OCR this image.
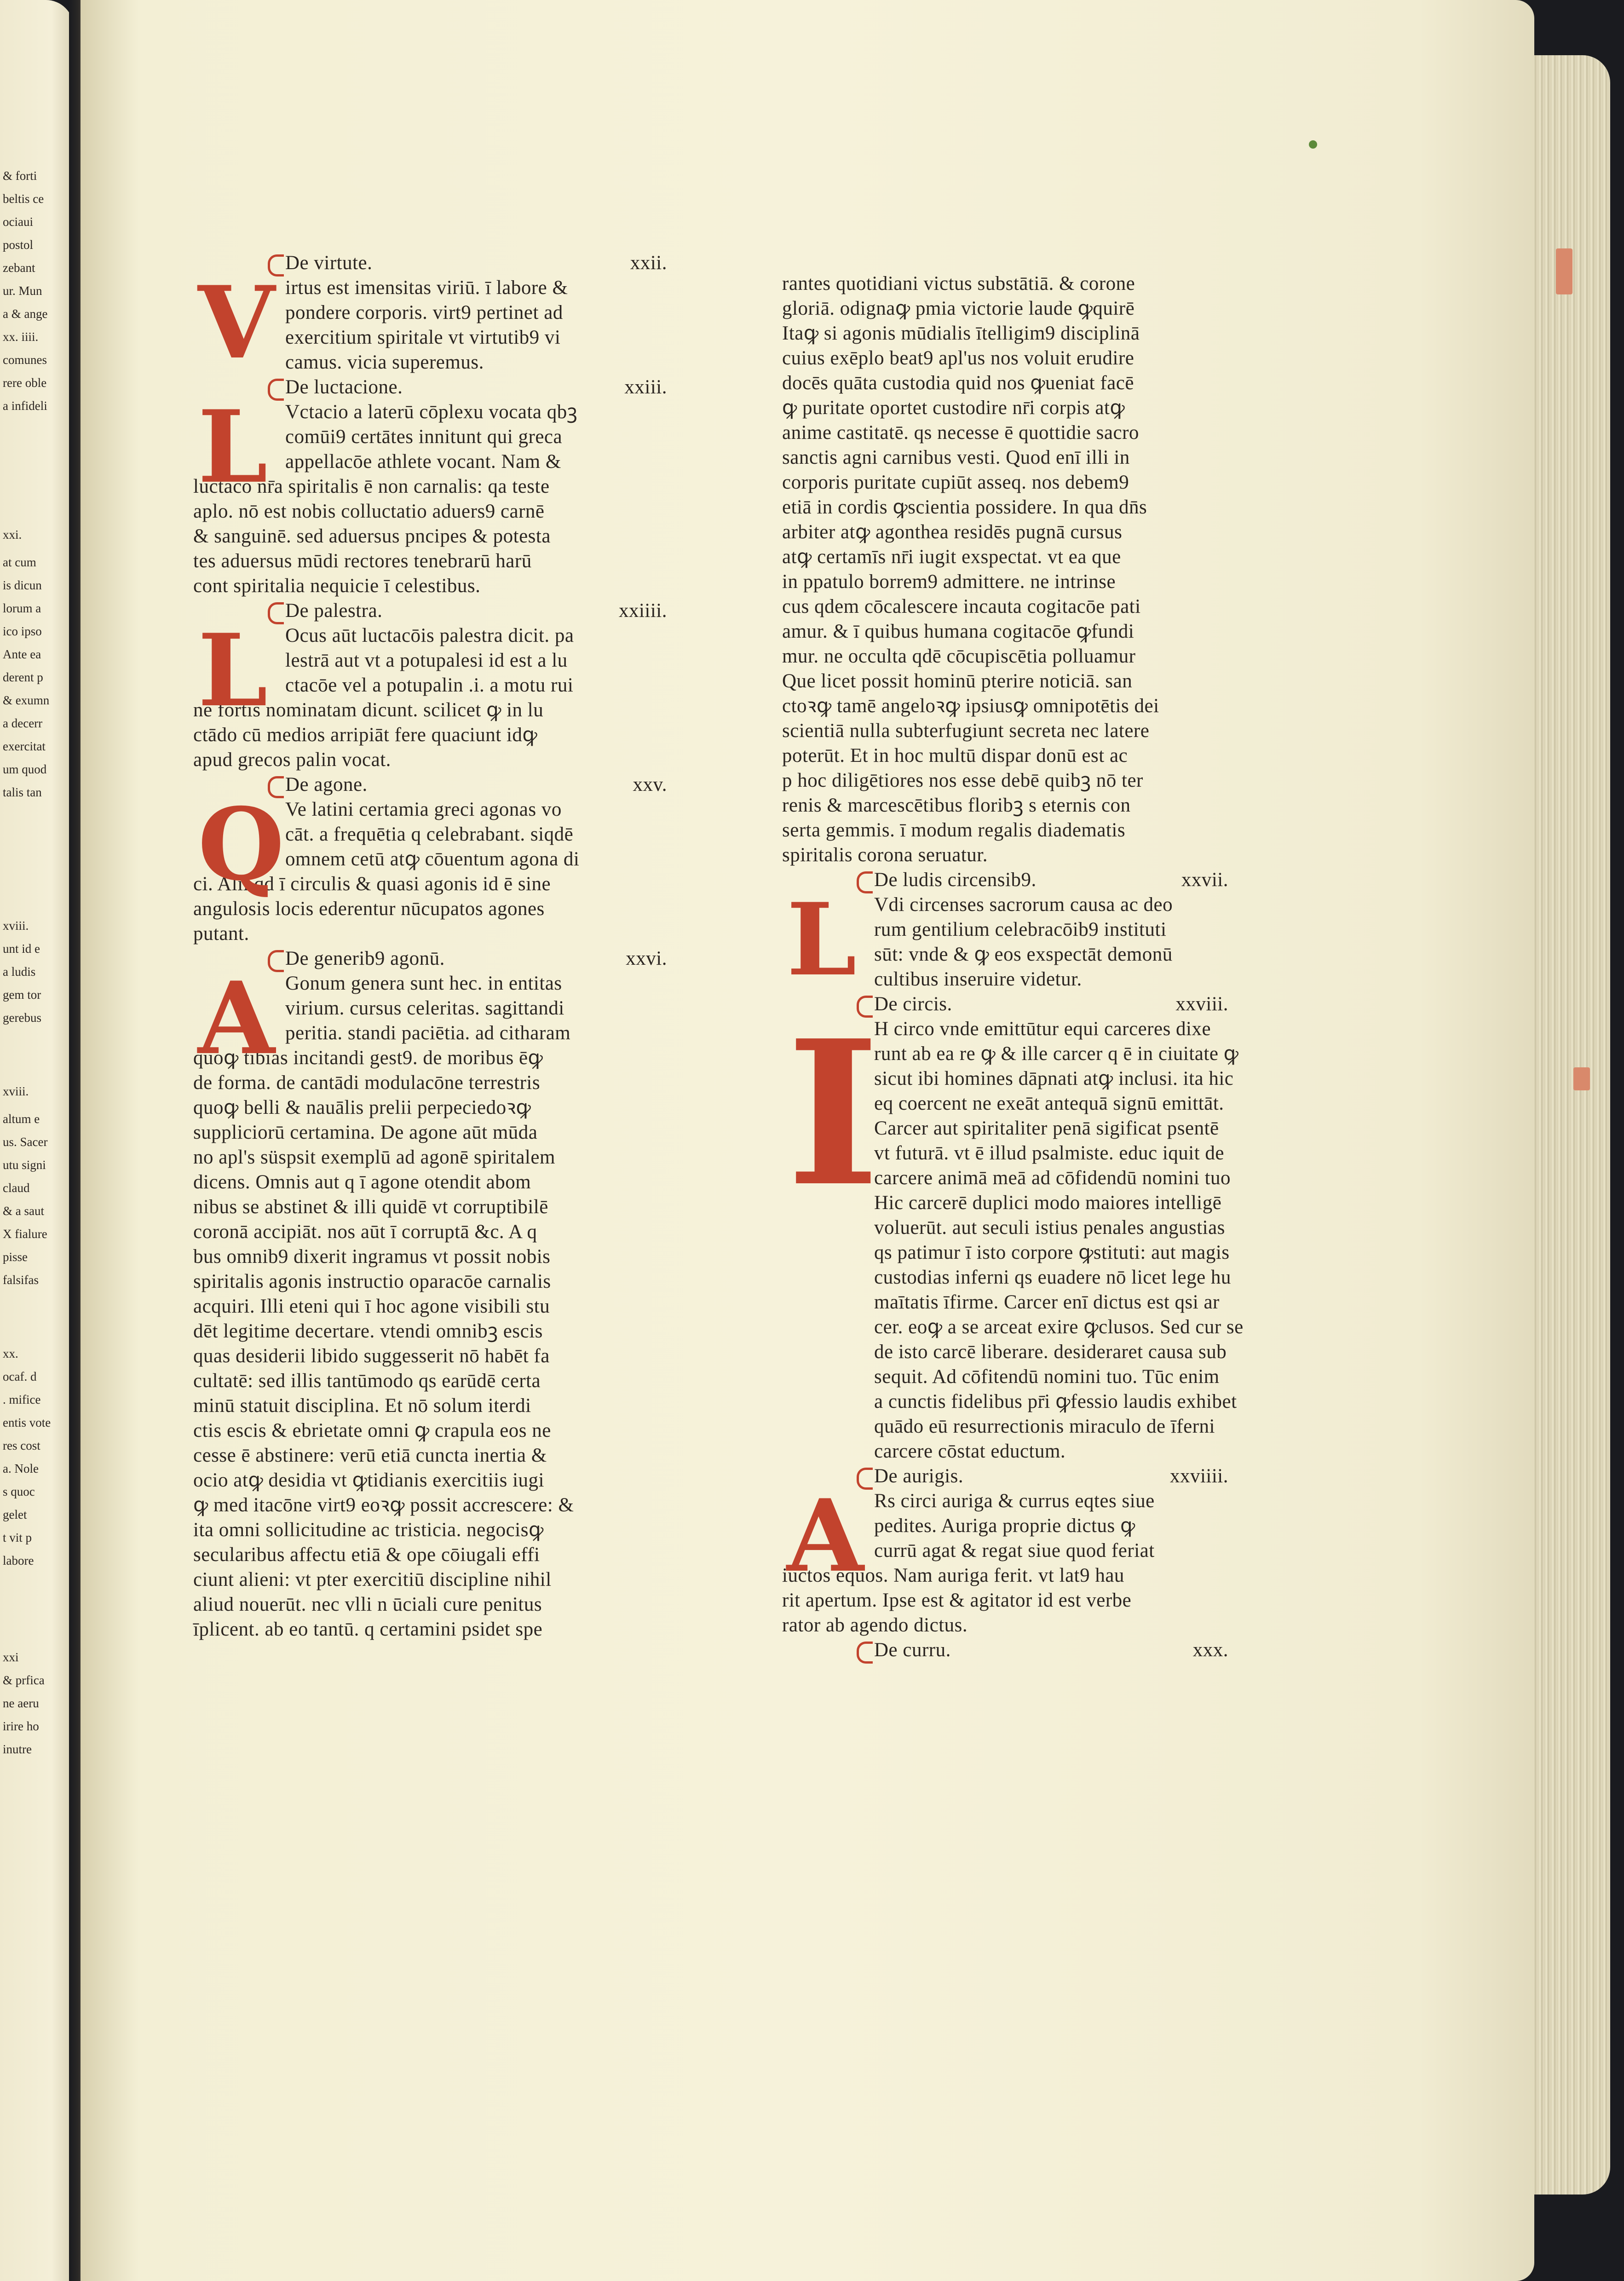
& forti
beltis ce
ociaui
postol
zebant
ur. Mun
a & ange
xx. iiii.
comunes
rere oble
a infideli
xxi.
at cum
is dicun
lorum a
ico ipso
Ante ea
derent p
& exumn
a decerr
exercitat
um quod
talis tan
xviii.
unt id e
a ludis
gem tor
gerebus
xviii.
altum e
us. Sacer
utu signi
claud
& a saut
X fialure
pisse
falsifas
xx.
ocaf. d
. mifice
entis vote
res cost
a. Nole
s quoc
gelet
t vit p
labore
xxi
& prfica
ne aeru
irire ho
inutre
De virtute.	xxii.
irtus est imensitas viriū. ī labore &
pondere corporis. virt9 pertinet ad
exercitium spiritale vt virtutib9 vi
camus. vicia superemus.
De luctacione.	xxiii.
Vctacio a laterū cōplexu vocata qbꝫ
comūi9 certātes innitunt qui greca
appellacōe athlete vocant. Nam &
luctacō nr̄a spiritalis ē non carnalis: qa teste
aplo. nō est nobis colluctatio aduers9 carnē
& sanguinē. sed aduersus pncipes & potesta
tes aduersus mūdi rectores tenebrarū harū
cont spiritalia nequicie ī celestibus.
De palestra.	xxiiii.
Ocus aūt luctacōis palestra dicit. pa
lestrā aut vt a potupalesi id est a lu
ctacōe vel a potupalin .i. a motu rui
ne fortis nominatam dicunt. scilicet ꝙ in lu
ctādo cū medios arripiāt fere quaciunt idꝙ
apud grecos palin vocat.
De agone.	xxv.
Ve latini certamia greci agonas vo
cāt. a frequētia q celebrabant. siqdē
omnem cetū atꝙ cōuentum agona di
ci. Alii qd ī circulis & quasi agonis id ē sine
angulosis locis ederentur nūcupatos agones
putant.
De generib9 agonū.	xxvi.
Gonum genera sunt hec. in entitas
virium. cursus celeritas. sagittandi
peritia. standi paciētia. ad citharam
quoꝙ tibias incitandi gest9. de moribus ēꝙ
de forma. de cantādi modulacōne terrestris
quoꝙ belli & nauālis prelii perpeciedoꝛꝙ
suppliciorū certamina. De agone aūt mūda
no apl's süspsit exemplū ad agonē spiritalem
dicens. Omnis aut q ī agone otendit abom
nibus se abstinet & illi quidē vt corruptibilē
coronā accipiāt. nos aūt ī corruptā &c. A q
bus omnib9 dixerit ingramus vt possit nobis
spiritalis agonis instructio oparacōe carnalis
acquiri. Illi eteni qui ī hoc agone visibili stu
dēt legitime decertare. vtendi omnibꝫ escis
quas desiderii libido suggesserit nō habēt fa
cultatē: sed illis tantūmodo qs earūdē certa
minū statuit disciplina. Et nō solum iterdi
ctis escis & ebrietate omni ꝙ crapula eos ne
cesse ē abstinere: verū etiā cuncta inertia &
ocio atꝙ desidia vt ꝙtidianis exercitiis iugi
ꝙ med itacōne virt9 eoꝛꝙ possit accrescere: &
ita omni sollicitudine ac tristicia. negocisꝙ
secularibus affectu etiā & ope cōiugali effi
ciunt alieni: vt pter exercitiū discipline nihil
aliud nouerūt. nec vlli n ūciali cure penitus
īplicent. ab eo tantū. q certamini psidet spe
V
L
L
Q
A
rantes quotidiani victus substātiā. & corone
gloriā. odignaꝙ pmia victorie laude ꝙquirē
Itaꝙ si agonis mūdialis ītelligim9 disciplinā
cuius exēplo beat9 apl'us nos voluit erudire
docēs quāta custodia quid nos ꝙueniat facē
ꝙ puritate oportet custodire nr̄i corpis atꝙ
anime castitatē. qs necesse ē quottidie sacro
sanctis agni carnibus vesti. Quod enī illi in
corporis puritate cupiūt asseq. nos debem9
etiā in cordis ꝙscientia possidere. In qua dn̄s
arbiter atꝙ agonthea residēs pugnā cursus
atꝙ certamīs nr̄i iugit exspectat. vt ea que
in ppatulo borrem9 admittere. ne intrinse
cus qdem cōcalescere incauta cogitacōe pati
amur. & ī quibus humana cogitacōe ꝙfundi
mur. ne occulta qdē cōcupiscētia polluamur
Que licet possit hominū pterire noticiā. san
ctoꝛꝙ tamē angeloꝛꝙ ipsiusꝙ omnipotētis dei
scientiā nulla subterfugiunt secreta nec latere
poterūt. Et in hoc multū dispar donū est ac
p hoc diligētiores nos esse debē quibꝫ nō ter
renis & marcescētibus floribꝫ s eternis con
serta gemmis. ī modum regalis diadematis
spiritalis corona seruatur.
De ludis circensib9.	xxvii.
Vdi circenses sacrorum causa ac deo
rum gentilium celebracōib9 instituti
sūt: vnde & ꝙ eos exspectāt demonū
cultibus inseruire videtur.
De circis.	xxviii.
H circo vnde emittūtur equi carceres dixe
runt ab ea re ꝙ & ille carcer q ē in ciuitate ꝙ
sicut ibi homines dāpnati atꝙ inclusi. ita hic
eq coercent ne exeāt antequā signū emittāt.
Carcer aut spiritaliter penā sigificat psentē
vt futurā. vt ē illud psalmiste. educ iquit de
carcere animā meā ad cōfidendū nomini tuo
Hic carcerē duplici modo maiores intelligē
voluerūt. aut seculi istius penales angustias
qs patimur ī isto corpore ꝙstituti: aut magis
custodias inferni qs euadere nō licet lege hu
maītatis īfirme. Carcer enī dictus est qsi ar
cer. eoꝙ a se arceat exire ꝙclusos. Sed cur se
de isto carcē liberare. desideraret causa sub
sequit. Ad cōfitendū nomini tuo. Tūc enim
a cunctis fidelibus pr̄i ꝙfessio laudis exhibet
quādo eū resurrectionis miraculo de īferni
carcere cōstat eductum.
De aurigis.	xxviiii.
Rs circi auriga & currus eqtes siue
pedites. Auriga proprie dictus ꝙ
currū agat & regat siue quod feriat
iūctos equos. Nam auriga ferit. vt lat9 hau
rit apertum. Ipse est & agitator id est verbe
rator ab agendo dictus.
De curru.	xxx.
L
I
A
